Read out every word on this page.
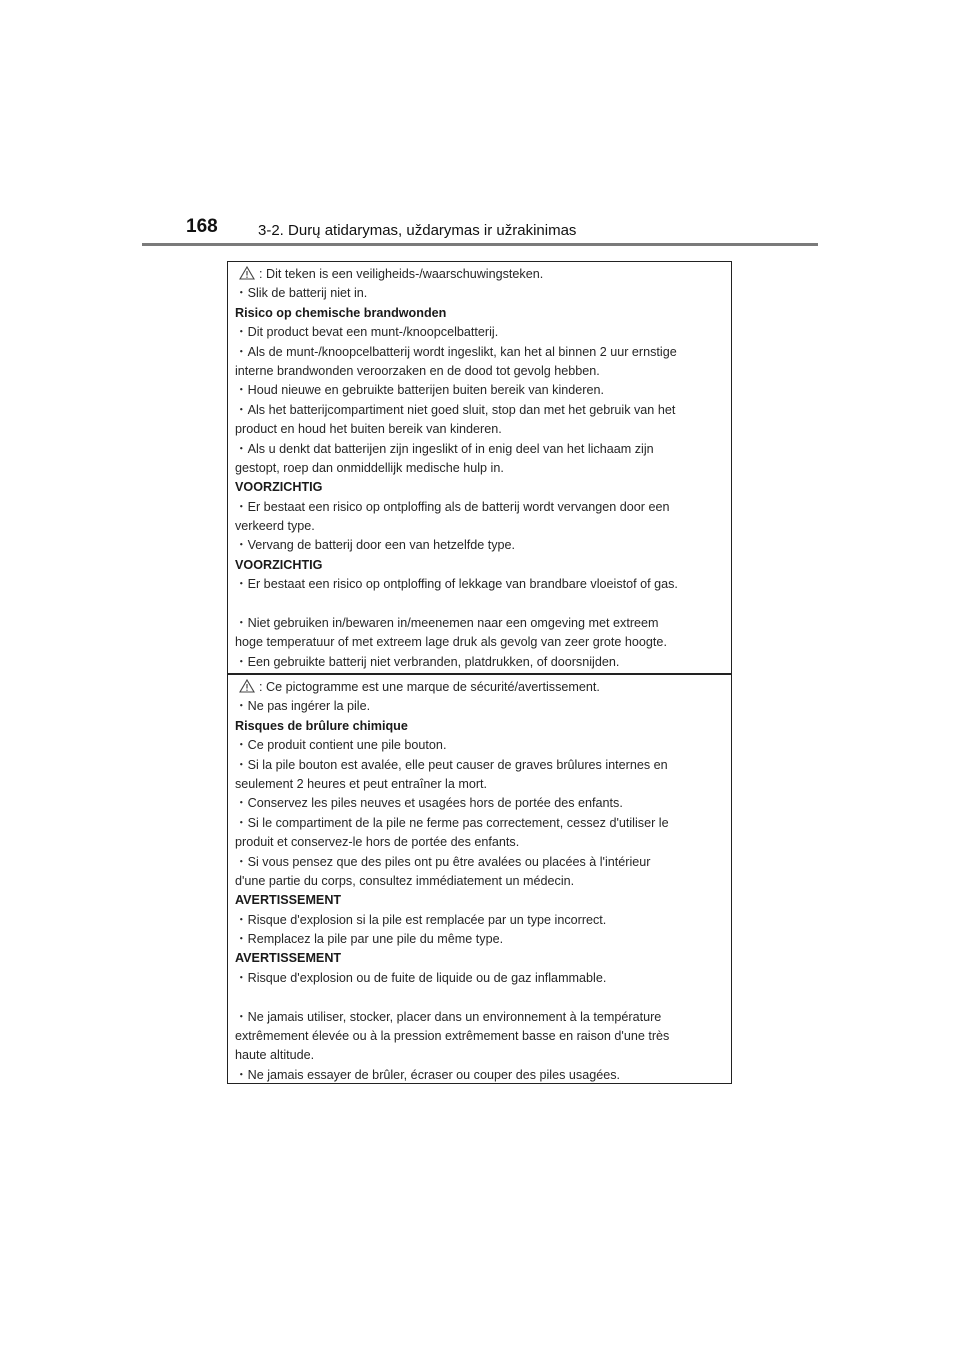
168	3-2. Durų atidarymas, uždarymas ir užrakinimas
: Dit teken is een veiligheids-/waarschuwingsteken.
・Slik de batterij niet in.
Risico op chemische brandwonden
・Dit product bevat een munt-/knoopcelbatterij.
・Als de munt-/knoopcelbatterij wordt ingeslikt, kan het al binnen 2 uur ernstige
interne brandwonden veroorzaken en de dood tot gevolg hebben.
・Houd nieuwe en gebruikte batterijen buiten bereik van kinderen.
・Als het batterijcompartiment niet goed sluit, stop dan met het gebruik van het
product en houd het buiten bereik van kinderen.
・Als u denkt dat batterijen zijn ingeslikt of in enig deel van het lichaam zijn
gestopt, roep dan onmiddellijk medische hulp in.
VOORZICHTIG
・Er bestaat een risico op ontploffing als de batterij wordt vervangen door een
verkeerd type.
・Vervang de batterij door een van hetzelfde type.
VOORZICHTIG
・Er bestaat een risico op ontploffing of lekkage van brandbare vloeistof of gas.
・Niet gebruiken in/bewaren in/meenemen naar een omgeving met extreem
hoge temperatuur of met extreem lage druk als gevolg van zeer grote hoogte.
・Een gebruikte batterij niet verbranden, platdrukken, of doorsnijden.
: Ce pictogramme est une marque de sécurité/avertissement.
・Ne pas ingérer la pile.
Risques de brûlure chimique
・Ce produit contient une pile bouton.
・Si la pile bouton est avalée, elle peut causer de graves brûlures internes en
seulement 2 heures et peut entraîner la mort.
・Conservez les piles neuves et usagées hors de portée des enfants.
・Si le compartiment de la pile ne ferme pas correctement, cessez d'utiliser le
produit et conservez-le hors de portée des enfants.
・Si vous pensez que des piles ont pu être avalées ou placées à l'intérieur
d'une partie du corps, consultez immédiatement un médecin.
AVERTISSEMENT
・Risque d'explosion si la pile est remplacée par un type incorrect.
・Remplacez la pile par une pile du même type.
AVERTISSEMENT
・Risque d'explosion ou de fuite de liquide ou de gaz inflammable.
・Ne jamais utiliser, stocker, placer dans un environnement à la température
extrêmement élevée ou à la pression extrêmement basse en raison d'une très
haute altitude.
・Ne jamais essayer de brûler, écraser ou couper des piles usagées.
